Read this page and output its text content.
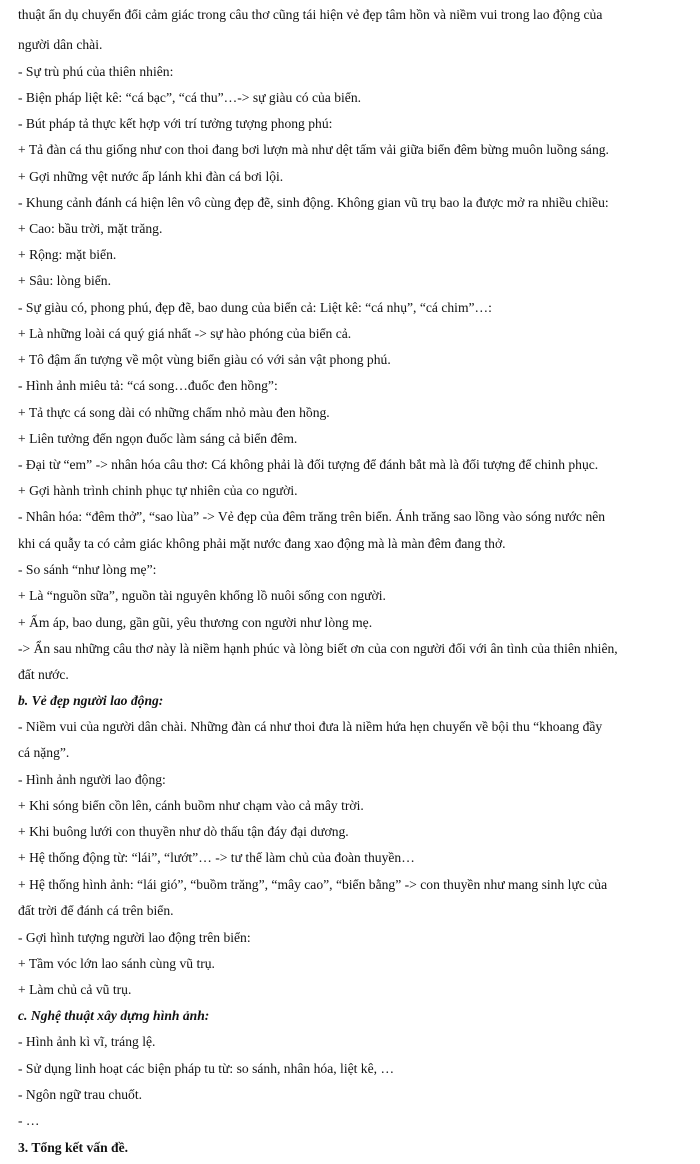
thuật ẩn dụ chuyển đổi cảm giác trong câu thơ cũng tái hiện vẻ đẹp tâm hồn và niềm vui trong lao động của

người dân chài.

- Sự trù phú của thiên nhiên:

- Biện pháp liệt kê: “cá bạc”, “cá thu”…-> sự giàu có của biển.

- Bút pháp tả thực kết hợp với trí tưởng tượng phong phú:

+ Tả đàn cá thu giống như con thoi đang bơi lượn mà như dệt tấm vải giữa biển đêm bừng muôn luồng sáng.

+ Gợi những vệt nước ấp lánh khi đàn cá bơi lội.

- Khung cảnh đánh cá hiện lên vô cùng đẹp đẽ, sinh động. Không gian vũ trụ bao la được mở ra nhiều chiều:

+ Cao: bầu trời, mặt trăng.

+ Rộng: mặt biển.

+ Sâu: lòng biển.

- Sự giàu có, phong phú, đẹp đẽ, bao dung của biển cả: Liệt kê: “cá nhụ”, “cá chim”…:

+ Là những loài cá quý giá nhất -> sự hào phóng của biển cả.

+ Tô đậm ấn tượng về một vùng biển giàu có với sản vật phong phú.

- Hình ảnh miêu tả: “cá song…đuốc đen hồng”:

+ Tả thực cá song dài có những chấm nhỏ màu đen hồng.

+ Liên tưởng đến ngọn đuốc làm sáng cả biển đêm.

- Đại từ “em” -> nhân hóa câu thơ: Cá không phải là đối tượng để đánh bắt mà là đối tượng để chinh phục.

+ Gợi hành trình chinh phục tự nhiên của co người.

- Nhân hóa: “đêm thở”, “sao lùa” -> Vẻ đẹp của đêm trăng trên biển. Ánh trăng sao lồng vào sóng nước nên

khi cá quẫy ta có cảm giác không phải mặt nước đang xao động mà là màn đêm đang thở.

- So sánh “như lòng mẹ”:

+ Là “nguồn sữa”, nguồn tài nguyên khổng lồ nuôi sống con người.

+ Ấm áp, bao dung, gần gũi, yêu thương con người như lòng mẹ.

-> Ẩn sau những câu thơ này là niềm hạnh phúc và lòng biết ơn của con người đối với ân tình của thiên nhiên,

đất nước.

b. Vẻ đẹp người lao động:

- Niềm vui của người dân chài. Những đàn cá như thoi đưa là niềm hứa hẹn chuyến về bội thu “khoang đầy

cá nặng”.

- Hình ảnh người lao động:

+ Khi sóng biển cồn lên, cánh buồm như chạm vào cả mây trời.

+ Khi buông lưới con thuyền như dò thấu tận đáy đại dương.

+ Hệ thống động từ: “lái”, “lướt”… -> tư thế làm chủ của đoàn thuyền…

+ Hệ thống hình ảnh: “lái gió”, “buồm trăng”, “mây cao”, “biển bằng” -> con thuyền như mang sinh lực của

đất trời để đánh cá trên biển.

- Gợi hình tượng người lao động trên biển:

+ Tầm vóc lớn lao sánh cùng vũ trụ.

+ Làm chủ cả vũ trụ.

c. Nghệ thuật xây dựng hình ảnh:

- Hình ảnh kì vĩ, tráng lệ.

- Sử dụng linh hoạt các biện pháp tu từ: so sánh, nhân hóa, liệt kê, …

- Ngôn ngữ trau chuốt.

- …

3. Tổng kết vấn đề.
